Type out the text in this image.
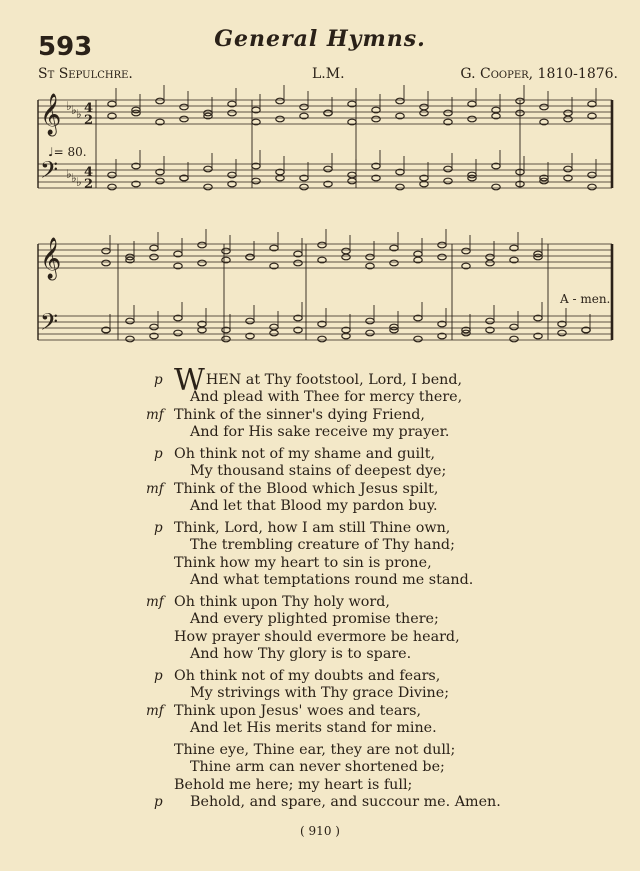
593	General Hymns.
St Sepulchre.	L.M.	G. Cooper, 1810-1876.
𝄞
𝄢
𝄞
𝄢
♭ ♭ ♭ 4
2
♭ ♭ ♭
4
2
♩= 80.
A - men.
p WHEN at Thy footstool, Lord, I bend,
And plead with Thee for mercy there,
mf Think of the sinner's dying Friend,
And for His sake receive my prayer.
p Oh think not of my shame and guilt,
My thousand stains of deepest dye;
mf Think of the Blood which Jesus spilt,
And let that Blood my pardon buy.
p Think, Lord, how I am still Thine own,
The trembling creature of Thy hand;
Think how my heart to sin is prone,
And what temptations round me stand.
mf Oh think upon Thy holy word,
And every plighted promise there;
How prayer should evermore be heard,
And how Thy glory is to spare.
p Oh think not of my doubts and fears,
My strivings with Thy grace Divine;
mf Think upon Jesus' woes and tears,
And let His merits stand for mine.
Thine eye, Thine ear, they are not dull;
Thine arm can never shortened be;
Behold me here; my heart is full;
p Behold, and spare, and succour me. Amen.
( 910 )
